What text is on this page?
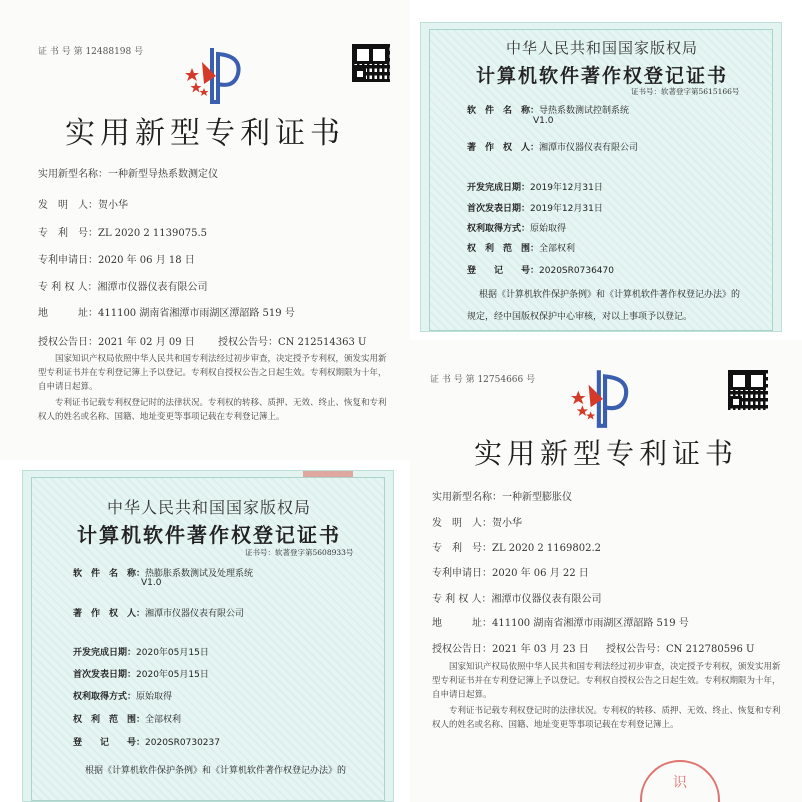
证 书 号 第 12488198 号
实用新型专利证书
实用新型名称：一种新型导热系数测定仪
发　明　人：贺小华
专　利　号：ZL 2020 2 1139075.5
专利申请日：2020 年 06 月 18 日
专 利 权 人：湘潭市仪器仪表有限公司
地　　　址：411100 湖南省湘潭市雨湖区潭韶路 519 号
授权公告日：2021 年 02 月 09 日 授权公告号：CN 212514363 U
国家知识产权局依照中华人民共和国专利法经过初步审查，决定授予专利权，颁发实用新型专利证书并在专利登记簿上予以登记。专利权自授权公告之日起生效。专利权期限为十年，自申请日起算。
专利证书记载专利权登记时的法律状况。专利权的转移、质押、无效、终止、恢复和专利权人的姓名或名称、国籍、地址变更等事项记载在专利登记簿上。
中华人民共和国国家版权局
计算机软件著作权登记证书
证书号：软著登字第5615166号
软　件　名　称：导热系数测试控制系统
V1.0
著　作　权　人：湘潭市仪器仪表有限公司
开发完成日期：2019年12月31日
首次发表日期：2019年12月31日
权利取得方式：原始取得
权　利　范　围：全部权利
登　　记　　号：2020SR0736470
根据《计算机软件保护条例》和《计算机软件著作权登记办法》的
规定，经中国版权保护中心审核，对以上事项予以登记。
中华人民共和国国家版权局
计算机软件著作权登记证书
证书号：软著登字第5608933号
软　件　名　称：热膨胀系数测试及处理系统
V1.0
著　作　权　人：湘潭市仪器仪表有限公司
开发完成日期：2020年05月15日
首次发表日期：2020年05月15日
权利取得方式：原始取得
权　利　范　围：全部权利
登　　记　　号：2020SR0730237
根据《计算机软件保护条例》和《计算机软件著作权登记办法》的
证 书 号 第 12754666 号
实用新型专利证书
实用新型名称：一种新型膨胀仪
发　明　人：贺小华
专　利　号：ZL 2020 2 1169802.2
专利申请日：2020 年 06 月 22 日
专 利 权 人：湘潭市仪器仪表有限公司
地　　　址：411100 湖南省湘潭市雨湖区潭韶路 519 号
授权公告日：2021 年 03 月 23 日 授权公告号：CN 212780596 U
国家知识产权局依照中华人民共和国专利法经过初步审查，决定授予专利权，颁发实用新型专利证书并在专利登记簿上予以登记。专利权自授权公告之日起生效。专利权期限为十年，自申请日起算。
专利证书记载专利权登记时的法律状况。专利权的转移、质押、无效、终止、恢复和专利权人的姓名或名称、国籍、地址变更等事项记载在专利登记簿上。
识
